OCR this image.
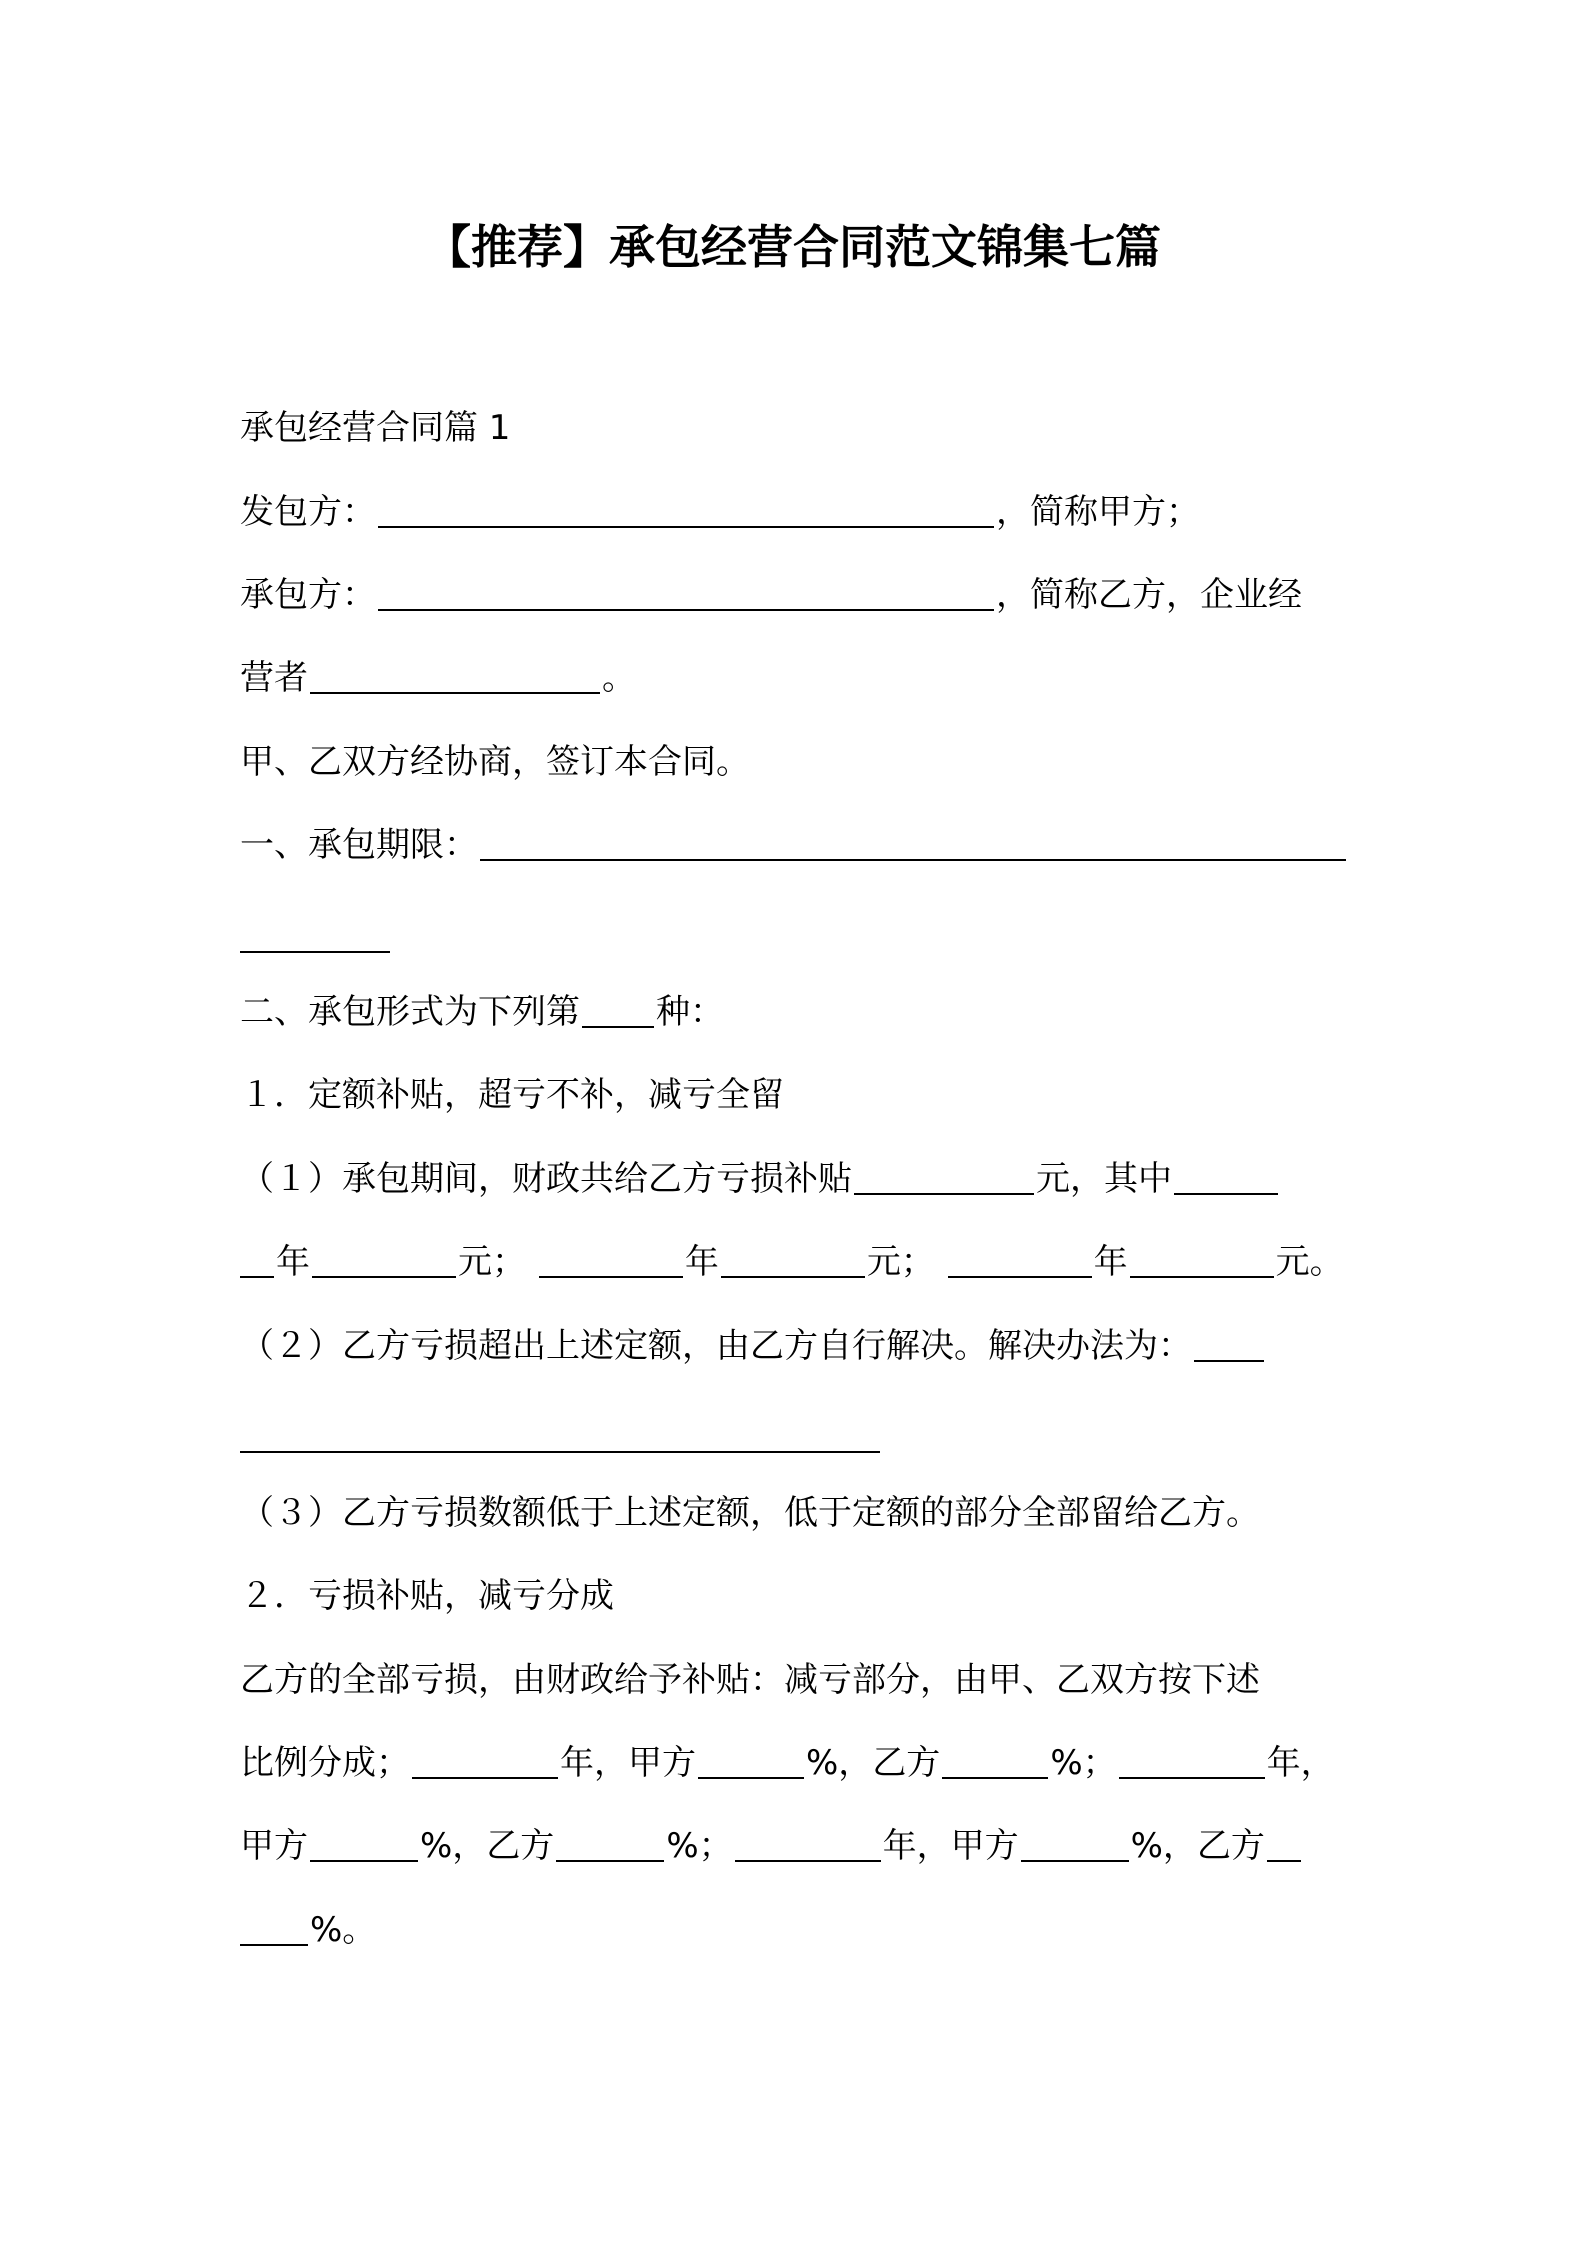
【推荐】承包经营合同范文锦集七篇
承包经营合同篇 1
发包方：	，简称甲方；
承包方：	，简称乙方，企业经
营者	。
甲、乙双方经协商，签订本合同。
一、承包期限：
二、承包形式为下列第 种：
１．定额补贴，超亏不补，减亏全留
（１）承包期间，财政共给乙方亏损补贴	元，其中
年	元；	年	元；	年	元。
（２）乙方亏损超出上述定额，由乙方自行解决。解决办法为：
（３）乙方亏损数额低于上述定额，低于定额的部分全部留给乙方。
２．亏损补贴，减亏分成
乙方的全部亏损，由财政给予补贴：减亏部分，由甲、乙双方按下述
比例分成；	年，甲方	%，乙方	%；	年，
甲方	%，乙方	%；	年，甲方	%，乙方
%。
